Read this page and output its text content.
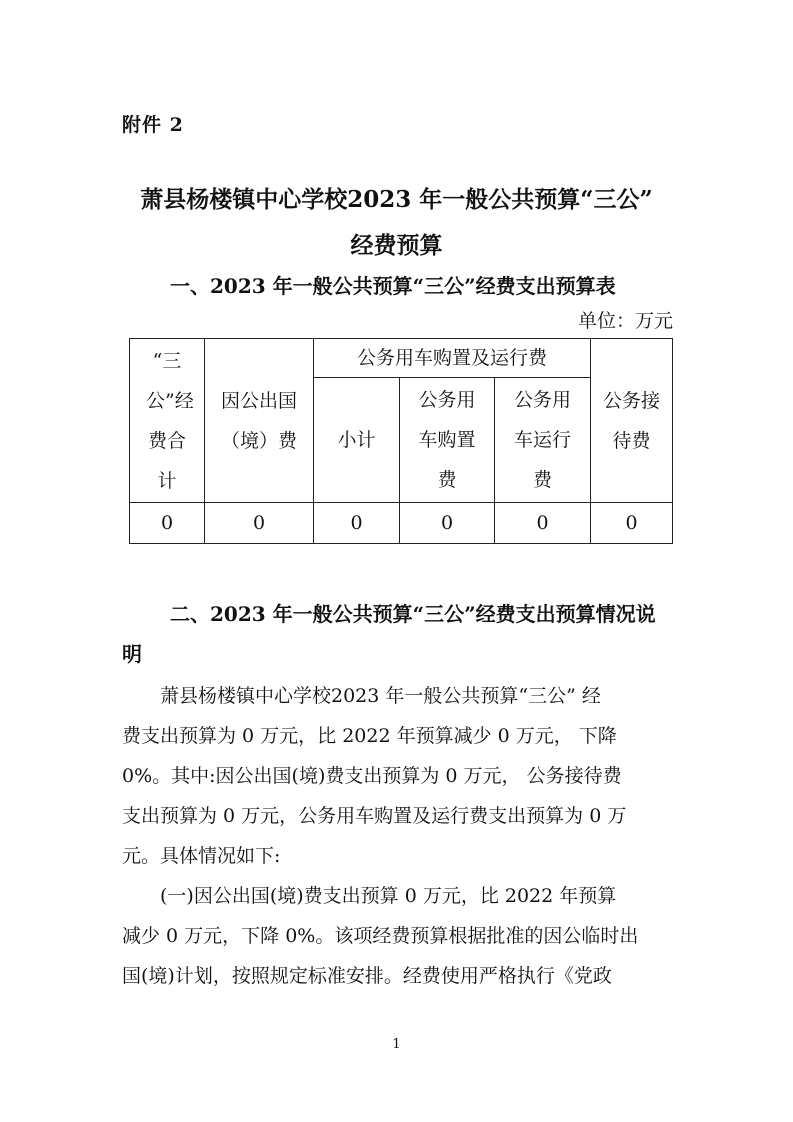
附件 2
萧县杨楼镇中心学校2023 年一般公共预算“三公”
经费预算
一、2023 年一般公共预算“三公”经费支出预算表
单位：万元
“三公”经费合计	因公出国（境）费	公务用车购置及运行费			公务接待费
		小计	公务用车购置费	公务用车运行费	
0	0	0	0	0	0
二、2023 年一般公共预算“三公”经费支出预算情况说
明
萧县杨楼镇中心学校2023 年一般公共预算“三公” 经
费支出预算为 0 万元，比 2022 年预算减少 0 万元， 下降
0%。其中:因公出国(境)费支出预算为 0 万元， 公务接待费
支出预算为 0 万元，公务用车购置及运行费支出预算为 0 万
元。具体情况如下:
(一)因公出国(境)费支出预算 0 万元，比 2022 年预算
减少 0 万元，下降 0%。该项经费预算根据批准的因公临时出
国(境)计划，按照规定标准安排。经费使用严格执行《党政
1
